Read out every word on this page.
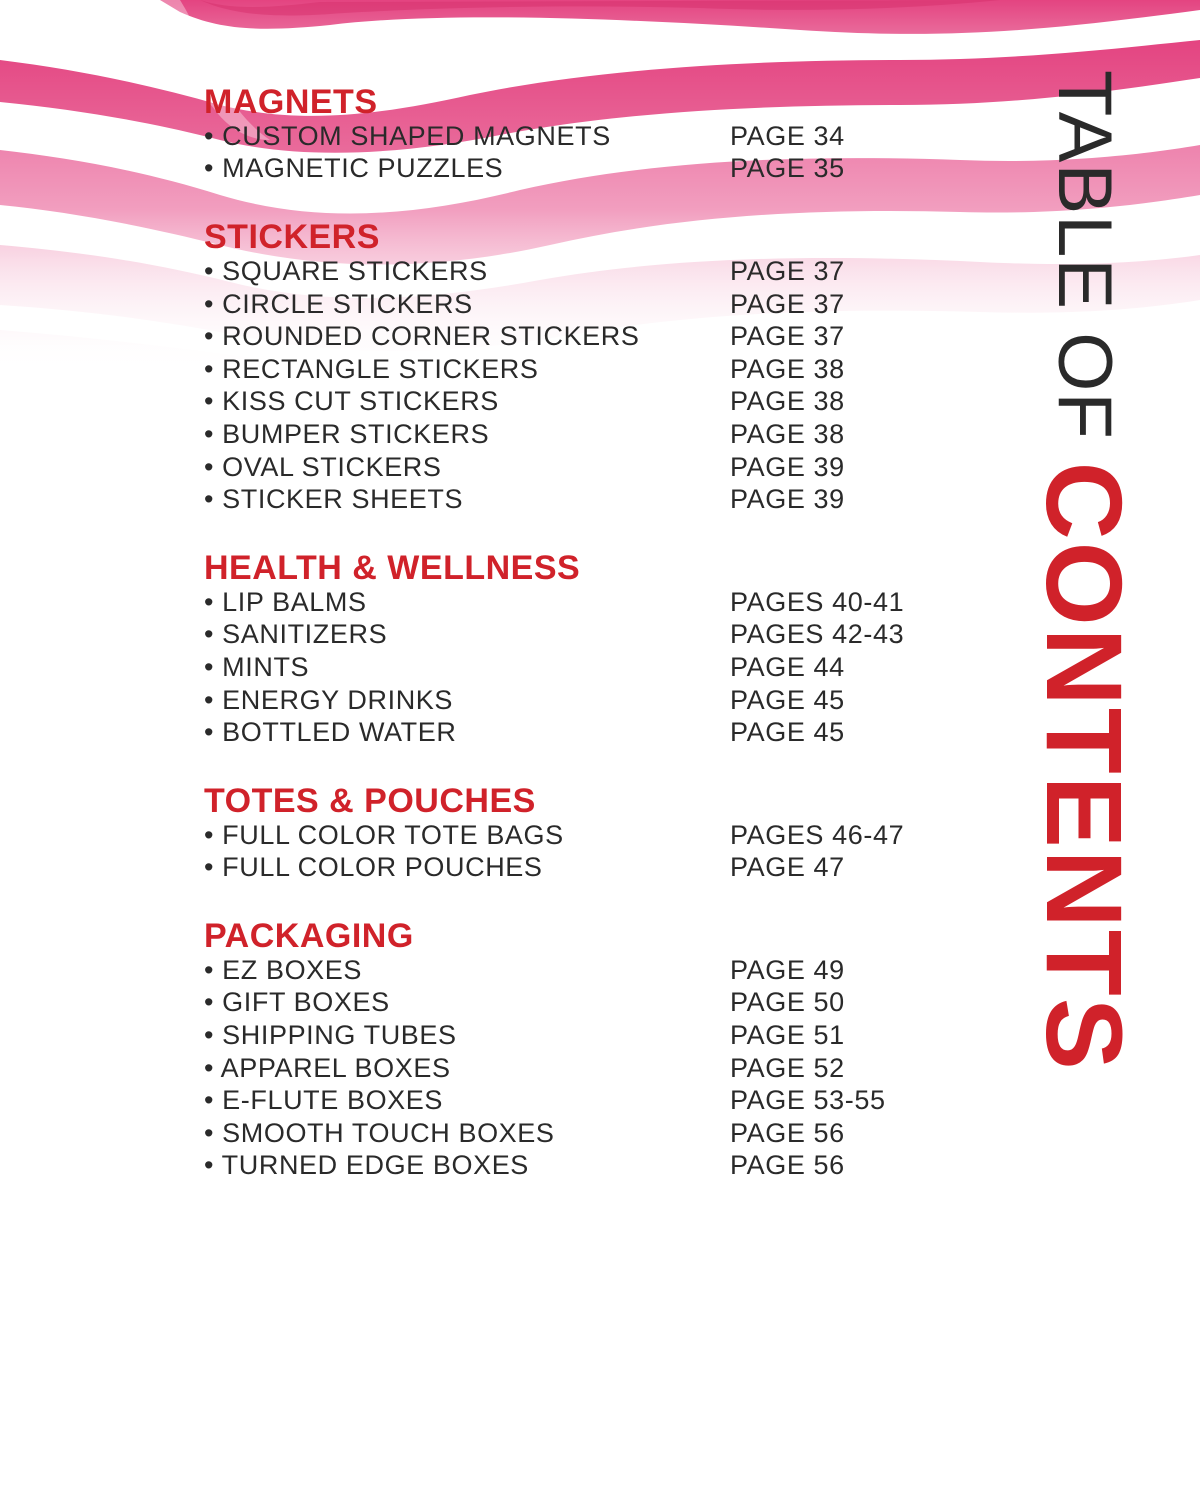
MAGNETS
• CUSTOM SHAPED MAGNETS	PAGE 34
• MAGNETIC PUZZLES	PAGE 35
STICKERS
• SQUARE STICKERS	PAGE 37
• CIRCLE STICKERS	PAGE 37
• ROUNDED CORNER STICKERS	PAGE 37
• RECTANGLE STICKERS	PAGE 38
• KISS CUT STICKERS	PAGE 38
• BUMPER STICKERS	PAGE 38
• OVAL STICKERS	PAGE 39
• STICKER SHEETS	PAGE 39
HEALTH & WELLNESS
• LIP BALMS	PAGES 40-41
• SANITIZERS	PAGES 42-43
• MINTS	PAGE 44
• ENERGY DRINKS	PAGE 45
• BOTTLED WATER	PAGE 45
TOTES & POUCHES
• FULL COLOR TOTE BAGS	PAGES 46-47
• FULL COLOR POUCHES	PAGE 47
PACKAGING
• EZ BOXES	PAGE 49
• GIFT BOXES	PAGE 50
• SHIPPING TUBES	PAGE 51
• APPAREL BOXES	PAGE 52
• E-FLUTE BOXES	PAGE 53-55
• SMOOTH TOUCH BOXES	PAGE 56
• TURNED EDGE BOXES	PAGE 56
TABLE OF
CONTENTS
